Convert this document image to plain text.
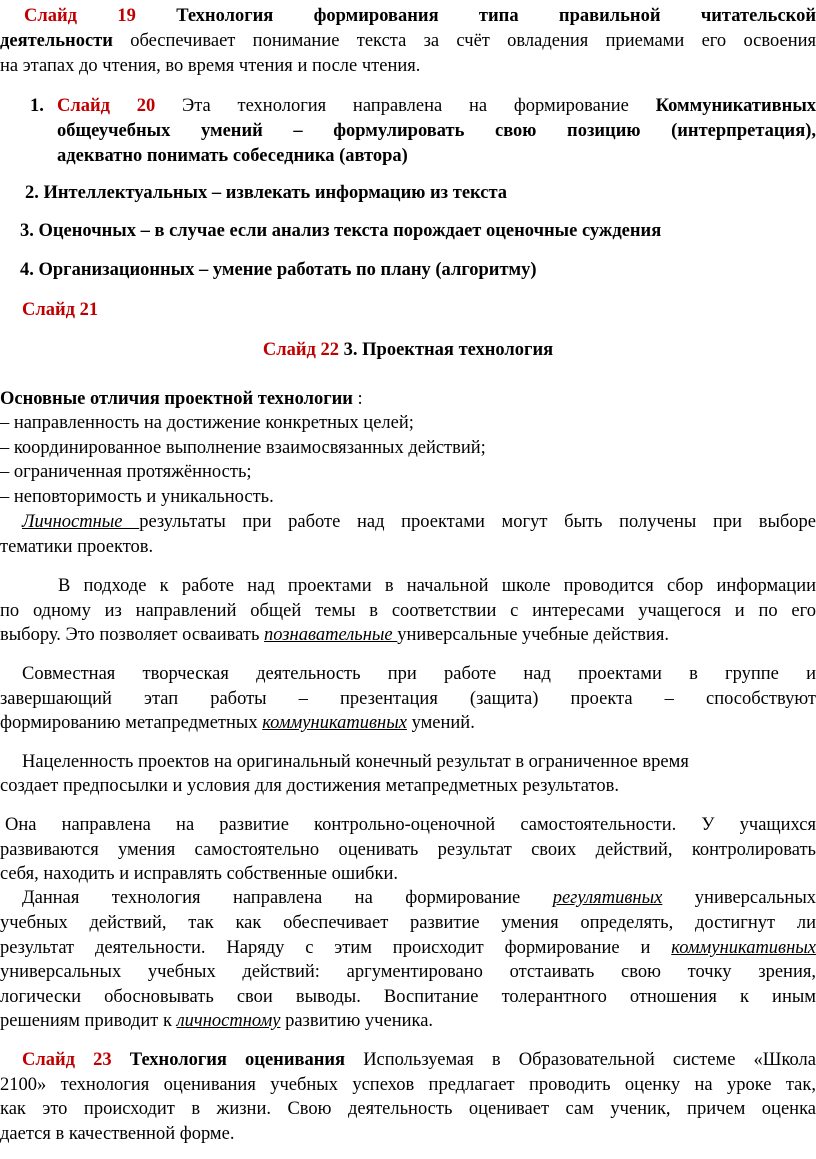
Слайд 19 Технология формирования типа правильной читательской
деятельности обеспечивает понимание текста за счёт овладения приемами его освоения
на этапах до чтения, во время чтения и после чтения.
1. Слайд 20 Эта технология направлена на формирование Коммуникативных
общеучебных умений – формулировать свою позицию (интерпретация),
адекватно понимать собеседника (автора)
2. Интеллектуальных – извлекать информацию из текста
3. Оценочных – в случае если анализ текста порождает оценочные суждения
4. Организационных – умение работать по плану (алгоритму)
Слайд 21
Слайд 22 3. Проектная технология
Основные отличия проектной технологии :
– направленность на достижение конкретных целей;
– координированное выполнение взаимосвязанных действий;
– ограниченная протяжённость;
– неповторимость и уникальность.
Личностные результаты при работе над проектами могут быть получены при выборе
тематики проектов.
В подходе к работе над проектами в начальной школе проводится сбор информации
по одному из направлений общей темы в соответствии с интересами учащегося и по его
выбору. Это позволяет осваивать познавательные универсальные учебные действия.
Совместная творческая деятельность при работе над проектами в группе и
завершающий этап работы – презентация (защита) проекта – способствуют
формированию метапредметных коммуникативных умений.
Нацеленность проектов на оригинальный конечный результат в ограниченное время
создает предпосылки и условия для достижения метапредметных результатов.
Она направлена на развитие контрольно-оценочной самостоятельности. У учащихся
развиваются умения самостоятельно оценивать результат своих действий, контролировать
себя, находить и исправлять собственные ошибки.
Данная технология направлена на формирование регулятивных универсальных
учебных действий, так как обеспечивает развитие умения определять, достигнут ли
результат деятельности. Наряду с этим происходит формирование и коммуникативных
универсальных учебных действий: аргументировано отстаивать свою точку зрения,
логически обосновывать свои выводы. Воспитание толерантного отношения к иным
решениям приводит к личностному развитию ученика.
Слайд 23 Технология оценивания Используемая в Образовательной системе «Школа
2100» технология оценивания учебных успехов предлагает проводить оценку на уроке так,
как это происходит в жизни. Свою деятельность оценивает сам ученик, причем оценка
дается в качественной форме.
